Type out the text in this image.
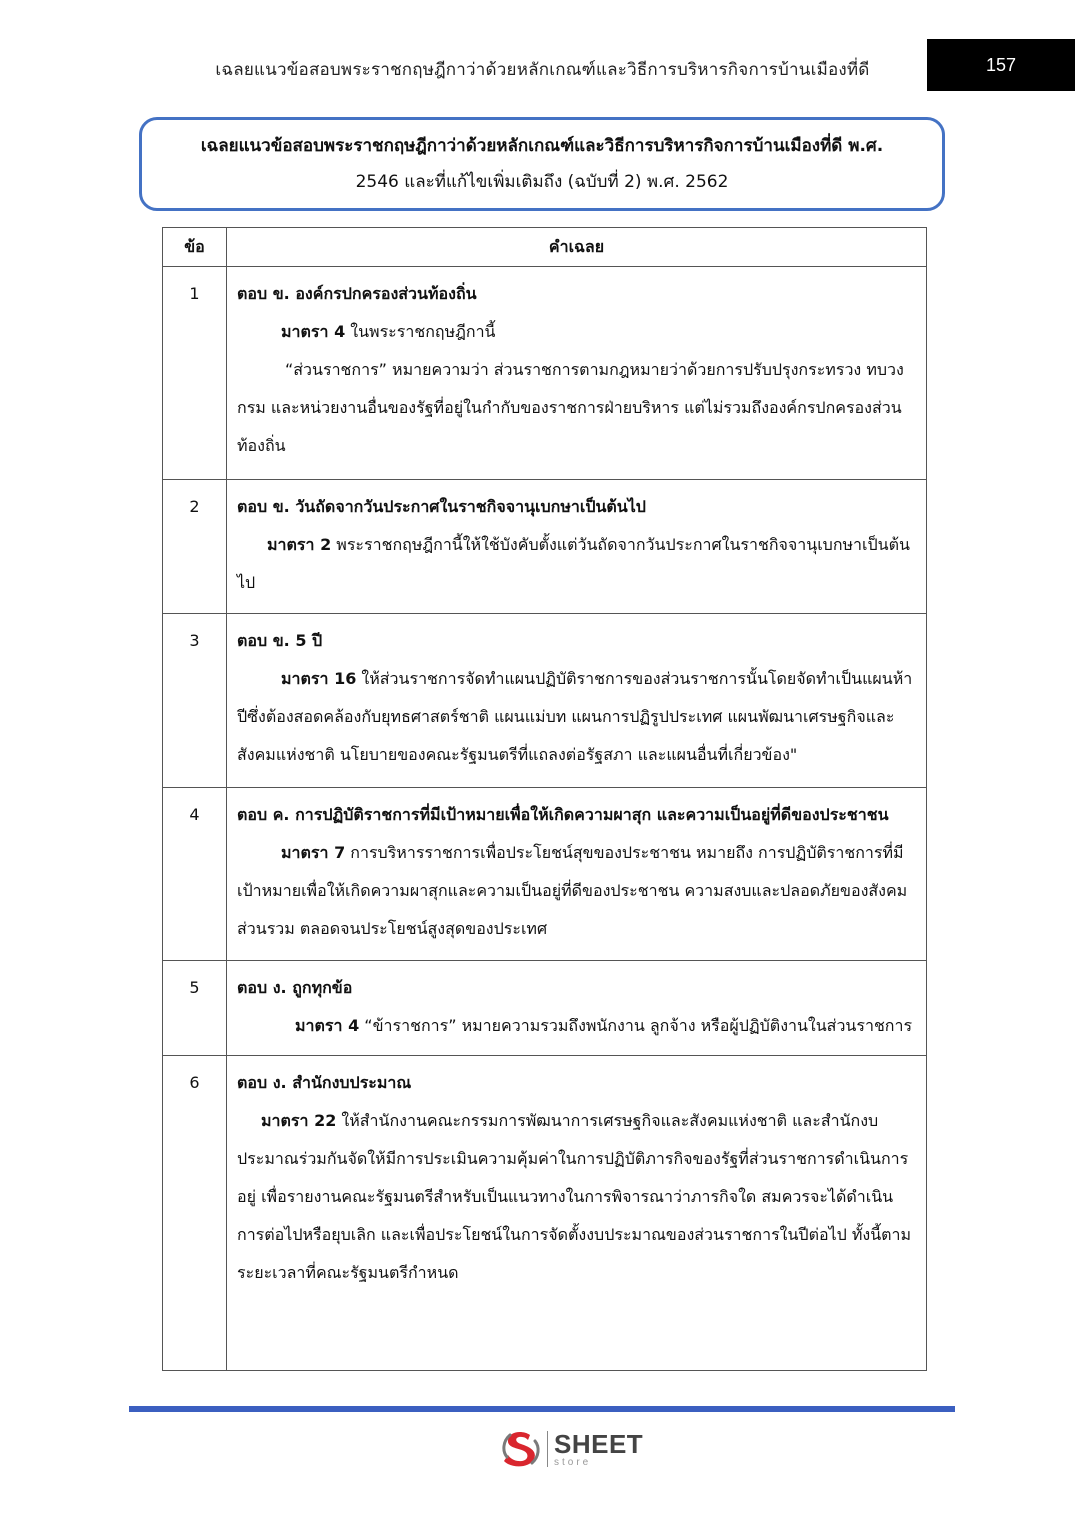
เฉลยแนวข้อสอบพระราชกฤษฎีกาว่าด้วยหลักเกณฑ์และวิธีการบริหารกิจการบ้านเมืองที่ดี	157
เฉลยแนวข้อสอบพระราชกฤษฎีกาว่าด้วยหลักเกณฑ์และวิธีการบริหารกิจการบ้านเมืองที่ดี พ.ศ.
2546 และที่แก้ไขเพิ่มเติมถึง (ฉบับที่ 2) พ.ศ. 2562
ข้อ	คำเฉลย
1	ตอบ ข. องค์กรปกครองส่วนท้องถิ่น

มาตรา 4 ในพระราชกฤษฎีกานี้

“ส่วนราชการ” หมายความว่า ส่วนราชการตามกฎหมายว่าด้วยการปรับปรุงกระทรวง ทบวง กรม และหน่วยงานอื่นของรัฐที่อยู่ในกำกับของราชการฝ่ายบริหาร แต่ไม่รวมถึงองค์กรปกครองส่วนท้องถิ่น

2	ตอบ ข. วันถัดจากวันประกาศในราชกิจจานุเบกษาเป็นต้นไป

มาตรา 2 พระราชกฤษฎีกานี้ให้ใช้บังคับตั้งแต่วันถัดจากวันประกาศในราชกิจจานุเบกษาเป็นต้นไป

3	ตอบ ข. 5 ปี

มาตรา 16 ให้ส่วนราชการจัดทำแผนปฏิบัติราชการของส่วนราชการนั้นโดยจัดทำเป็นแผนห้าปีซึ่งต้องสอดคล้องกับยุทธศาสตร์ชาติ แผนแม่บท แผนการปฏิรูปประเทศ แผนพัฒนาเศรษฐกิจและสังคมแห่งชาติ นโยบายของคณะรัฐมนตรีที่แถลงต่อรัฐสภา และแผนอื่นที่เกี่ยวข้อง"

4	ตอบ ค. การปฏิบัติราชการที่มีเป้าหมายเพื่อให้เกิดความผาสุก และความเป็นอยู่ที่ดีของประชาชน

มาตรา 7 การบริหารราชการเพื่อประโยชน์สุขของประชาชน หมายถึง การปฏิบัติราชการที่มีเป้าหมายเพื่อให้เกิดความผาสุกและความเป็นอยู่ที่ดีของประชาชน ความสงบและปลอดภัยของสังคมส่วนรวม ตลอดจนประโยชน์สูงสุดของประเทศ

5	ตอบ ง. ถูกทุกข้อ

มาตรา 4 “ข้าราชการ” หมายความรวมถึงพนักงาน ลูกจ้าง หรือผู้ปฏิบัติงานในส่วนราชการ

6	ตอบ ง. สำนักงบประมาณ

มาตรา 22 ให้สำนักงานคณะกรรมการพัฒนาการเศรษฐกิจและสังคมแห่งชาติ และสำนักงบประมาณร่วมกันจัดให้มีการประเมินความคุ้มค่าในการปฏิบัติภารกิจของรัฐที่ส่วนราชการดำเนินการอยู่ เพื่อรายงานคณะรัฐมนตรีสำหรับเป็นแนวทางในการพิจารณาว่าภารกิจใด สมควรจะได้ดำเนินการต่อไปหรือยุบเลิก และเพื่อประโยชน์ในการจัดตั้งงบประมาณของส่วนราชการในปีต่อไป ทั้งนี้ตามระยะเวลาที่คณะรัฐมนตรีกำหนด

SHEET
store
